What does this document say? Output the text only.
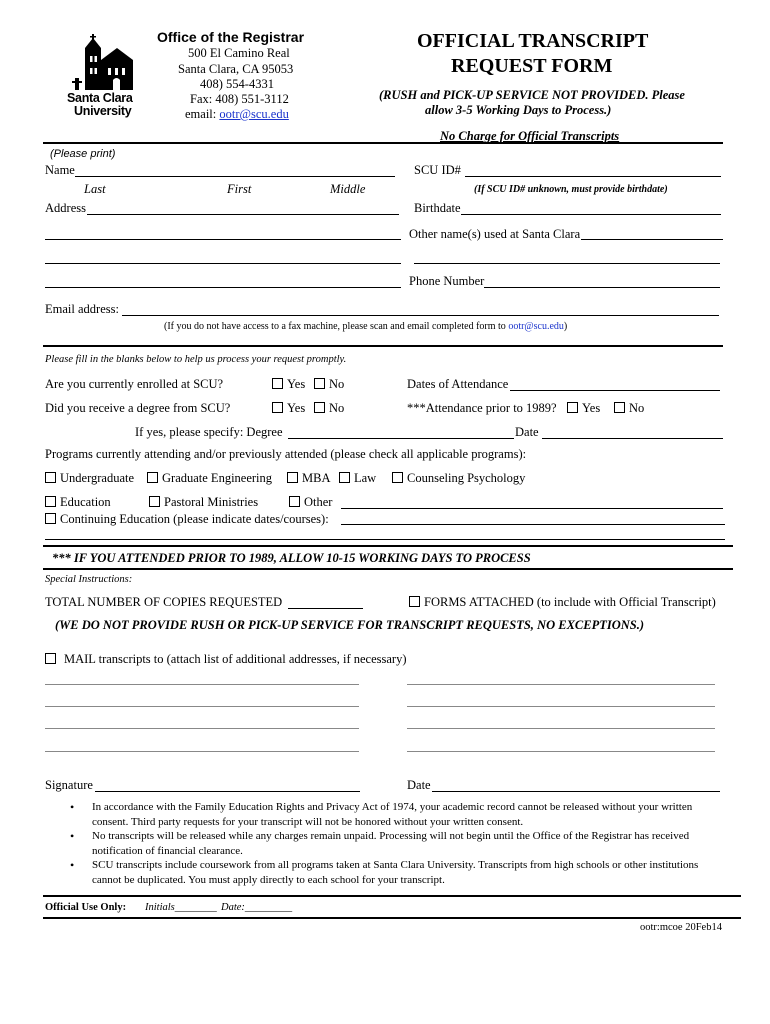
Santa Clara
University
Office of the Registrar
500 El Camino Real
Santa Clara, CA 95053
408) 554-4331
Fax: 408) 551-3112
email: ootr@scu.edu
OFFICIAL TRANSCRIPT
REQUEST FORM
(RUSH and PICK-UP SERVICE NOT PROVIDED. Please
allow 3-5 Working Days to Process.)
No Charge for Official Transcripts
(Please print)
Name
Last	First	Middle
SCU ID#
(If SCU ID# unknown, must provide birthdate)
Address	Birthdate
Other name(s) used at Santa Clara
Phone Number
Email address:
(If you do not have access to a fax machine, please scan and email completed form to ootr@scu.edu)
Please fill in the blanks below to help us process your request promptly.
Are you currently enrolled at SCU?	Yes	No	Dates of Attendance
Did you receive a degree from SCU?	Yes	No	***Attendance prior to 1989?	Yes	No
If yes, please specify: Degree	Date
Programs currently attending and/or previously attended (please check all applicable programs):
Undergraduate	Graduate Engineering	MBA	Law	Counseling Psychology
Education	Pastoral Ministries	Other
Continuing Education (please indicate dates/courses):
*** IF YOU ATTENDED PRIOR TO 1989, ALLOW 10-15 WORKING DAYS TO PROCESS
Special Instructions:
TOTAL NUMBER OF COPIES REQUESTED	FORMS ATTACHED (to include with Official Transcript)
(WE DO NOT PROVIDE RUSH OR PICK-UP SERVICE FOR TRANSCRIPT REQUESTS, NO EXCEPTIONS.)
MAIL transcripts to (attach list of additional addresses, if necessary)
Signature	Date
• In accordance with the Family Education Rights and Privacy Act of 1974, your academic record cannot be released without your written consent. Third party requests for your transcript will not be honored without your written consent.
• No transcripts will be released while any charges remain unpaid. Processing will not begin until the Office of the Registrar has received notification of financial clearance.
• SCU transcripts include coursework from all programs taken at Santa Clara University. Transcripts from high schools or other institutions cannot be duplicated. You must apply directly to each school for your transcript.
Official Use Only: Initials________ Date:_________
ootr:mcoe 20Feb14
